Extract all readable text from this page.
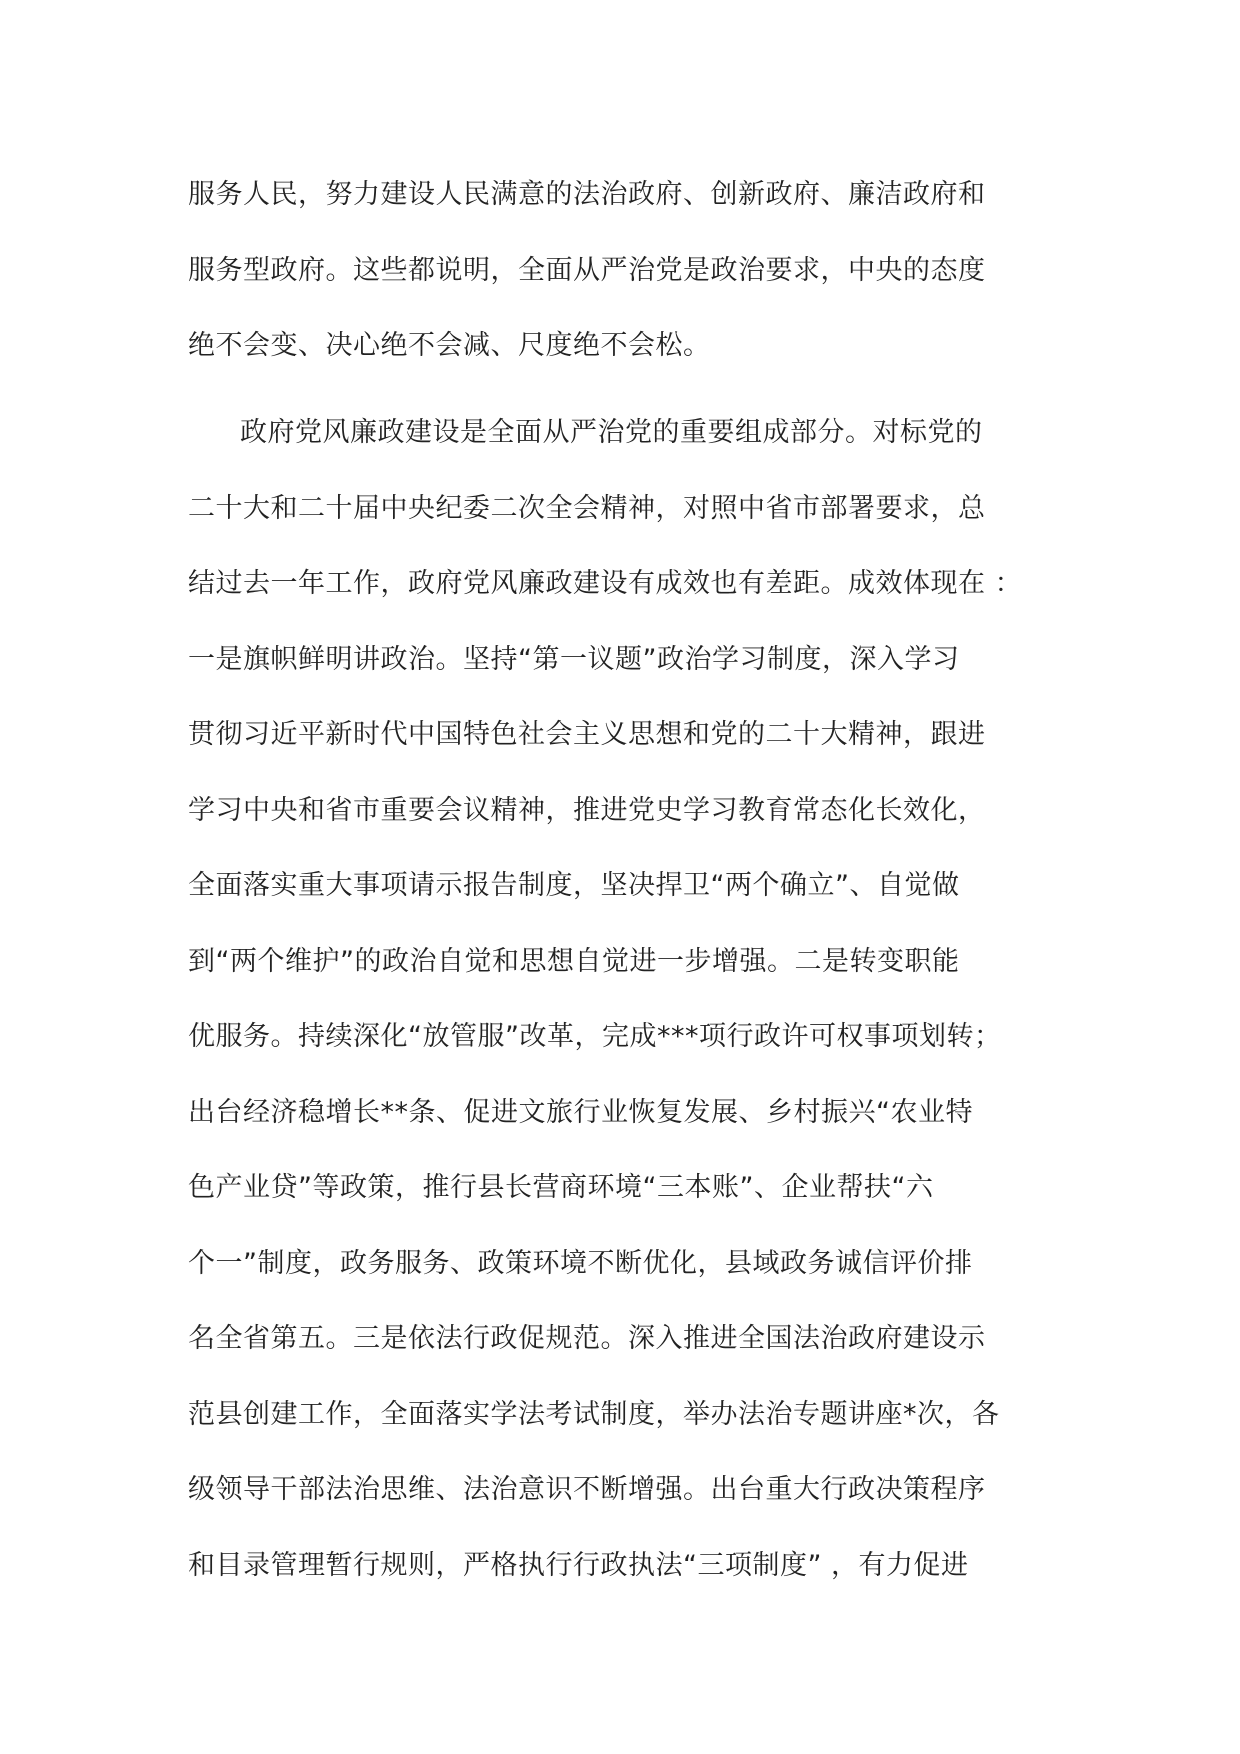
服务人民，努力建设人民满意的法治政府、创新政府、廉洁政府和
服务型政府。这些都说明，全面从严治党是政治要求，中央的态度
绝不会变、决心绝不会减、尺度绝不会松。
政府党风廉政建设是全面从严治党的重要组成部分。对标党的
二十大和二十届中央纪委二次全会精神，对照中省市部署要求，总
结过去一年工作，政府党风廉政建设有成效也有差距。成效体现在 ：
一是旗帜鲜明讲政治。坚持“第一议题”政治学习制度，深入学习
贯彻习近平新时代中国特色社会主义思想和党的二十大精神，跟进
学习中央和省市重要会议精神，推进党史学习教育常态化长效化，
全面落实重大事项请示报告制度，坚决捍卫“两个确立”、自觉做
到“两个维护”的政治自觉和思想自觉进一步增强。二是转变职能
优服务。持续深化“放管服”改革，完成***项行政许可权事项划转；
出台经济稳增长**条、促进文旅行业恢复发展、乡村振兴“农业特
色产业贷”等政策，推行县长营商环境“三本账”、企业帮扶“六
个一”制度，政务服务、政策环境不断优化，县域政务诚信评价排
名全省第五。三是依法行政促规范。深入推进全国法治政府建设示
范县创建工作，全面落实学法考试制度，举办法治专题讲座*次，各
级领导干部法治思维、法治意识不断增强。出台重大行政决策程序
和目录管理暂行规则，严格执行行政执法“三项制度” ，有力促进
